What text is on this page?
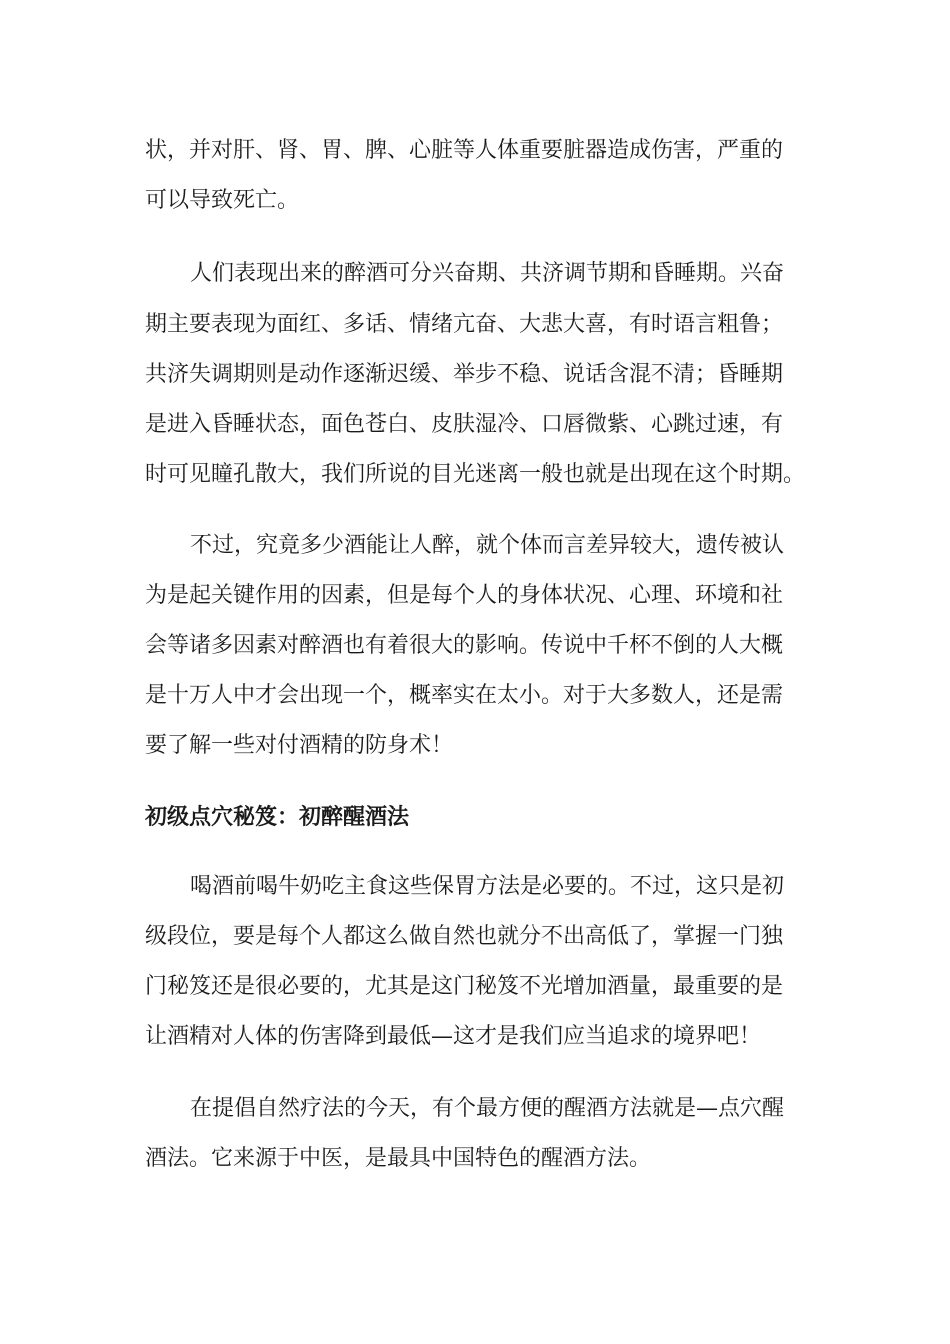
状，并对肝、肾、胃、脾、心脏等人体重要脏器造成伤害，严重的
可以导致死亡。
人们表现出来的醉酒可分兴奋期、共济调节期和昏睡期。兴奋
期主要表现为面红、多话、情绪亢奋、大悲大喜，有时语言粗鲁；
共济失调期则是动作逐渐迟缓、举步不稳、说话含混不清；昏睡期
是进入昏睡状态，面色苍白、皮肤湿冷、口唇微紫、心跳过速，有
时可见瞳孔散大，我们所说的目光迷离一般也就是出现在这个时期。
不过，究竟多少酒能让人醉，就个体而言差异较大，遗传被认
为是起关键作用的因素，但是每个人的身体状况、心理、环境和社
会等诸多因素对醉酒也有着很大的影响。传说中千杯不倒的人大概
是十万人中才会出现一个，概率实在太小。对于大多数人，还是需
要了解一些对付酒精的防身术！
初级点穴秘笈：初醉醒酒法
喝酒前喝牛奶吃主食这些保胃方法是必要的。不过，这只是初
级段位，要是每个人都这么做自然也就分不出高低了，掌握一门独
门秘笈还是很必要的，尤其是这门秘笈不光增加酒量，最重要的是
让酒精对人体的伤害降到最低—这才是我们应当追求的境界吧！
在提倡自然疗法的今天，有个最方便的醒酒方法就是—点穴醒
酒法。它来源于中医，是最具中国特色的醒酒方法。
